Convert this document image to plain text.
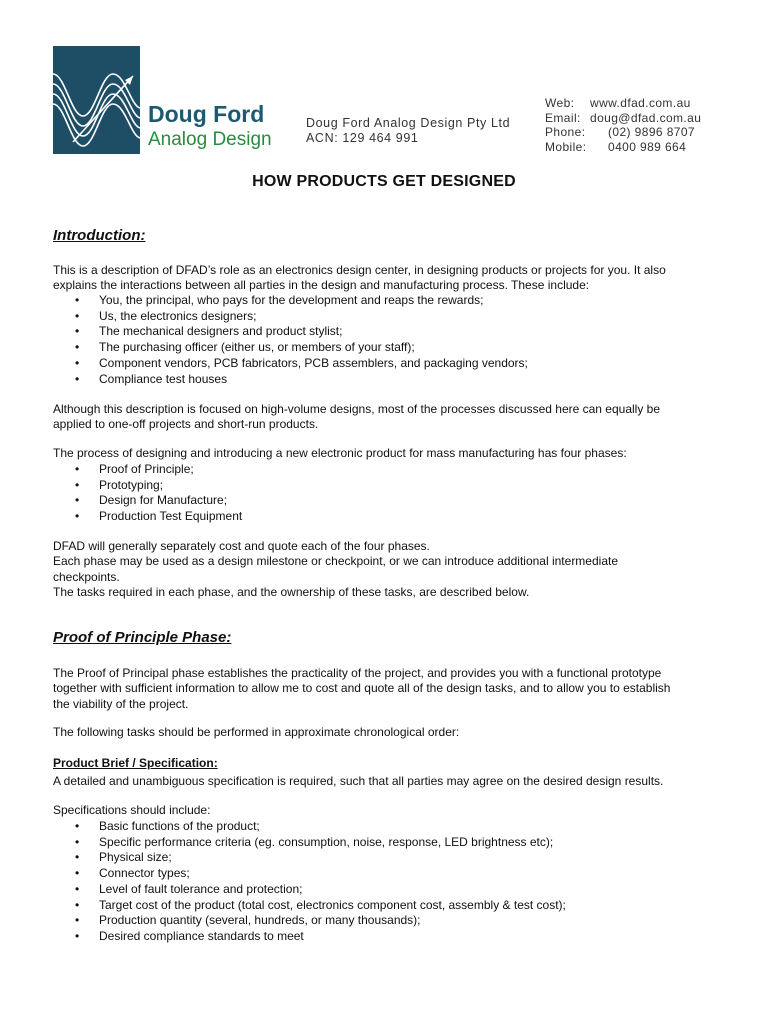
Doug Ford
Analog Design
Doug Ford Analog Design Pty Ltd
ACN: 129 464 991
Web:	www.dfad.com.au
Email: doug@dfad.com.au
Phone:	(02) 9896 8707
Mobile:	0400 989 664
HOW PRODUCTS GET DESIGNED
Introduction:
This is a description of DFAD’s role as an electronics design center, in designing products or projects for you. It also
explains the interactions between all parties in the design and manufacturing process. These include:
• You, the principal, who pays for the development and reaps the rewards;
• Us, the electronics designers;
• The mechanical designers and product stylist;
• The purchasing officer (either us, or members of your staff);
• Component vendors, PCB fabricators, PCB assemblers, and packaging vendors;
• Compliance test houses
Although this description is focused on high-volume designs, most of the processes discussed here can equally be
applied to one-off projects and short-run products.
The process of designing and introducing a new electronic product for mass manufacturing has four phases:
• Proof of Principle;
• Prototyping;
• Design for Manufacture;
• Production Test Equipment
DFAD will generally separately cost and quote each of the four phases.
Each phase may be used as a design milestone or checkpoint, or we can introduce additional intermediate
checkpoints.
The tasks required in each phase, and the ownership of these tasks, are described below.
Proof of Principle Phase:
The Proof of Principal phase establishes the practicality of the project, and provides you with a functional prototype
together with sufficient information to allow me to cost and quote all of the design tasks, and to allow you to establish
the viability of the project.
The following tasks should be performed in approximate chronological order:
Product Brief / Specification:
A detailed and unambiguous specification is required, such that all parties may agree on the desired design results.
Specifications should include:
• Basic functions of the product;
• Specific performance criteria (eg. consumption, noise, response, LED brightness etc);
• Physical size;
• Connector types;
• Level of fault tolerance and protection;
• Target cost of the product (total cost, electronics component cost, assembly & test cost);
• Production quantity (several, hundreds, or many thousands);
• Desired compliance standards to meet
